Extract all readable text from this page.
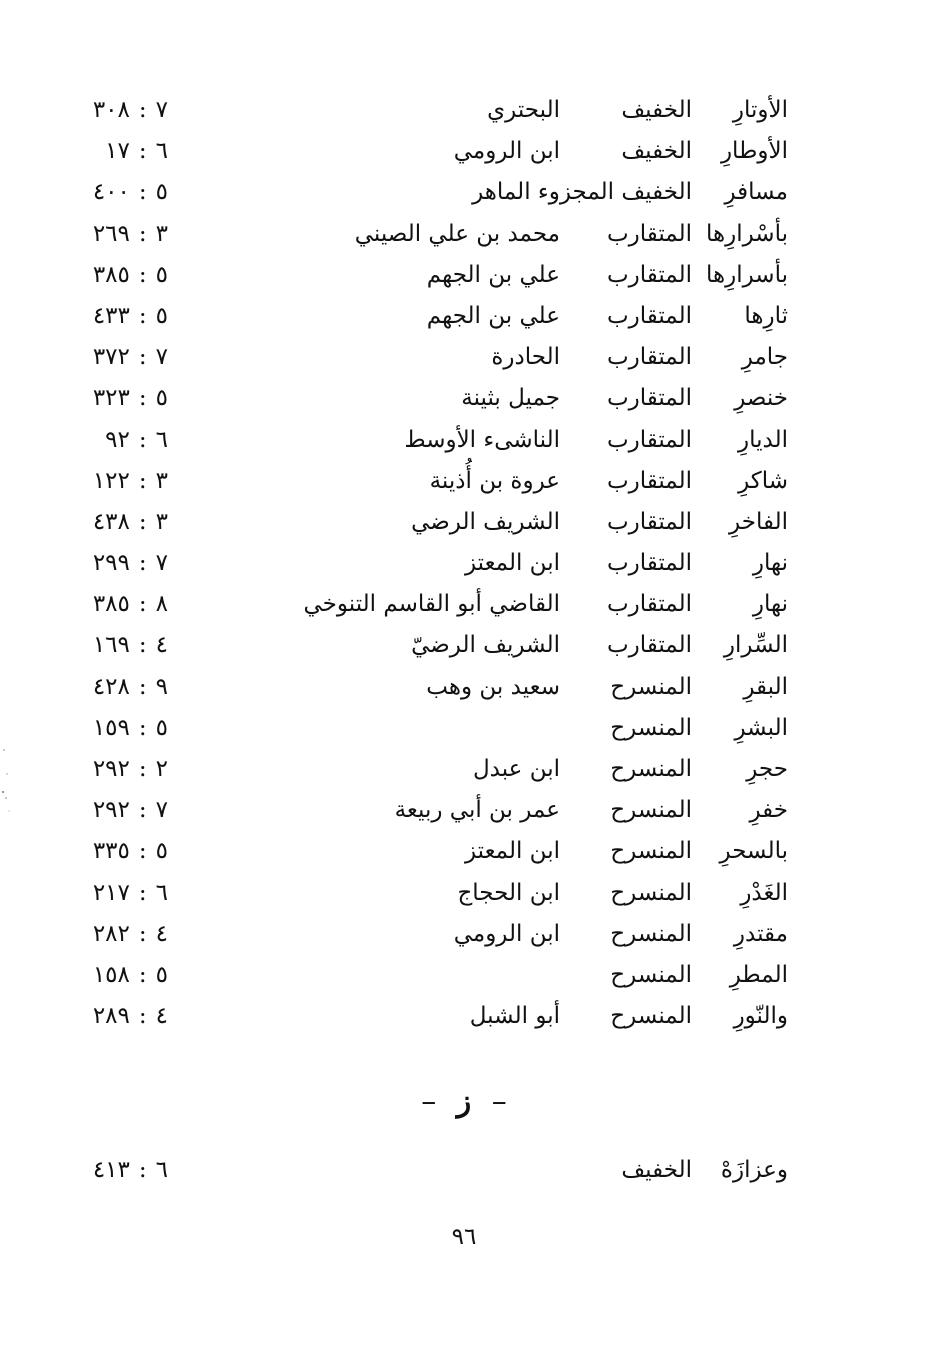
الأوتارِ
الخفيف
البحتري
٣٠٨ : ٧
الأوطارِ
الخفيف
ابن الرومي
١٧ : ٦
مسافرِ
الخفيف المجزوء الماهر
٤٠٠ : ٥
بأسْرارِها
المتقارب
محمد بن علي الصيني
٢٦٩ : ٣
بأسرارِها
المتقارب
علي بن الجهم
٣٨٥ : ٥
ثارِها
المتقارب
علي بن الجهم
٤٣٣ : ٥
جامرِ
المتقارب
الحادرة
٣٧٢ : ٧
خنصرِ
المتقارب
جميل بثينة
٣٢٣ : ٥
الديارِ
المتقارب
الناشىء الأوسط
٩٢ : ٦
شاكرِ
المتقارب
عروة بن أُذينة
١٢٢ : ٣
الفاخرِ
المتقارب
الشريف الرضي
٤٣٨ : ٣
نهارِ
المتقارب
ابن المعتز
٢٩٩ : ٧
نهارِ
المتقارب
القاضي أبو القاسم التنوخي
٣٨٥ : ٨
السِّرارِ
المتقارب
الشريف الرضيّ
١٦٩ : ٤
البقرِ
المنسرح
سعيد بن وهب
٤٢٨ : ٩
البشرِ
المنسرح
١٥٩ : ٥
حجرِ
المنسرح
ابن عبدل
٢٩٢ : ٢
خفرِ
المنسرح
عمر بن أبي ربيعة
٢٩٢ : ٧
بالسحرِ
المنسرح
ابن المعتز
٣٣٥ : ٥
الغَدْرِ
المنسرح
ابن الحجاج
٢١٧ : ٦
مقتدرِ
المنسرح
ابن الرومي
٢٨٢ : ٤
المطرِ
المنسرح
١٥٨ : ٥
والنّورِ
المنسرح
أبو الشبل
٢٨٩ : ٤
– ز –
وعزازَهْ
الخفيف
٤١٣ : ٦
٩٦
